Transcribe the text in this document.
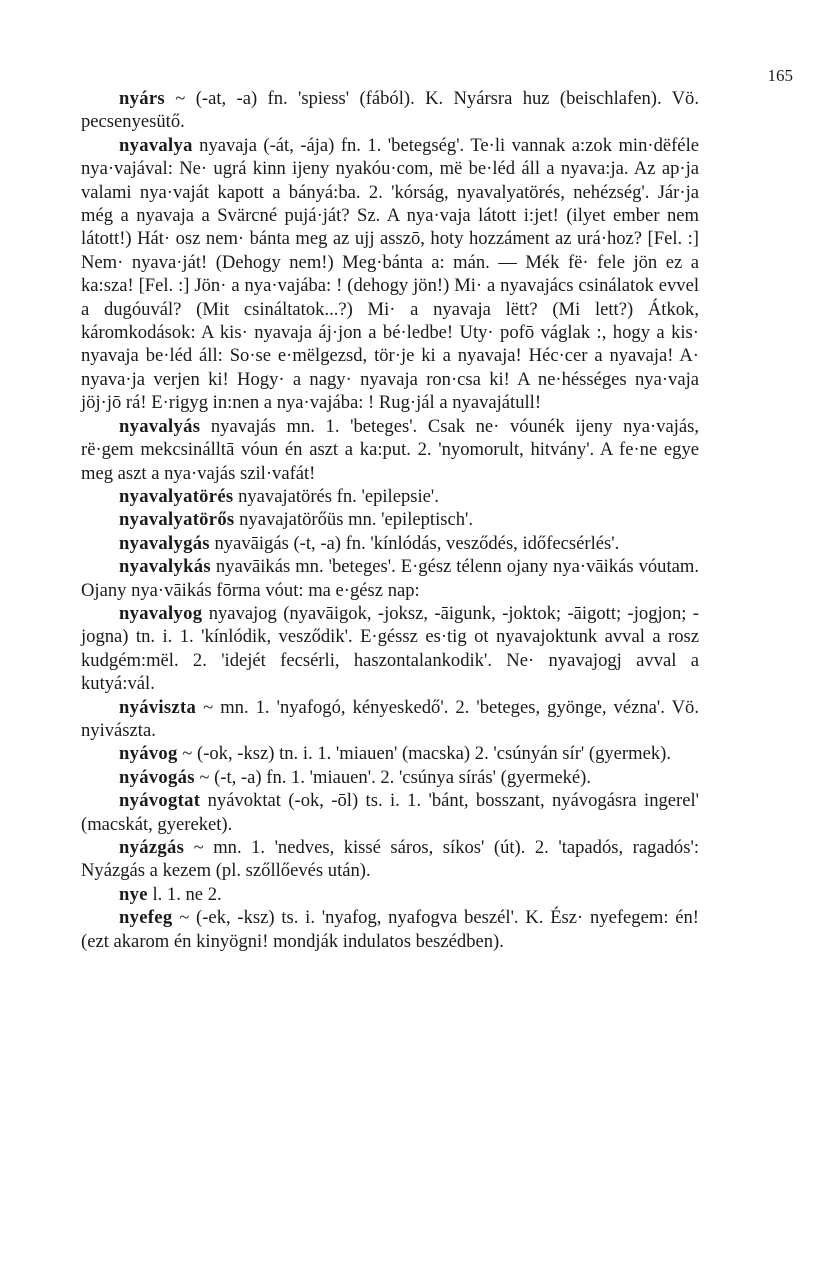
165

nyárs ~ (-at, -a) fn. 'spiess' (fából). K. Nyársra huz (beischlafen). Vö. pecsenyesütő.

nyavalya nyavaja (-át, -ája) fn. 1. 'betegség'. Te·li vannak a:zok min·dëféle nya·vajával: Ne· ugrá kinn ijeny nyakóu·com, më be·léd áll a nyava:ja. Az ap·ja valami nya·vaját kapott a bányá:ba. 2. 'kórság, nyavalyatörés, nehézség'. Jár·ja még a nyavaja a Svärcné pujá·ját? Sz. A nya·vaja látott i:jet! (ilyet ember nem látott!) Hát· osz nem· bánta meg az ujj asszō, hoty hozzáment az urá·hoz? [Fel. :] Nem· nyava·ját! (Dehogy nem!) Meg·bánta a: mán. — Mék fë· fele jön ez a ka:sza! [Fel. :] Jön· a nya·vajába: ! (dehogy jön!) Mi· a nyavajács csinálatok evvel a dugóuvál? (Mit csináltatok...?) Mi· a nyavaja lëtt? (Mi lett?) Átkok, káromkodások: A kis· nyavaja áj·jon a bé·ledbe! Uty· pofō váglak :, hogy a kis· nyavaja be·léd áll: So·se e·mëlgezsd, tör·je ki a nyavaja! Héc·cer a nyavaja! A· nyava·ja verjen ki! Hogy· a nagy· nyavaja ron·csa ki! A ne·hésséges nya·vaja jöj·jō rá! E·rigyg in:nen a nya·vajába: ! Rug·jál a nyavajátull!

nyavalyás nyavajás mn. 1. 'beteges'. Csak ne· vóunék ijeny nya·vajás, rë·gem mekcsinálltā vóun én aszt a ka:put. 2. 'nyomorult, hitvány'. A fe·ne egye meg aszt a nya·vajás szil·vafát!

nyavalyatörés nyavajatörés fn. 'epilepsie'.

nyavalyatörős nyavajatörőüs mn. 'epileptisch'.

nyavalygás nyavāigás (-t, -a) fn. 'kínlódás, vesződés, időfecsérlés'.

nyavalykás nyavāikás mn. 'beteges'. E·gész télenn ojany nya·vāikás vóutam. Ojany nya·vāikás fōrma vóut: ma e·gész nap:

nyavalyog nyavajog (nyavāigok, -joksz, -āigunk, -joktok; -āigott; -jogjon; -jogna) tn. i. 1. 'kínlódik, vesződik'. E·géssz es·tig ot nyavajoktunk avval a rosz kudgém:mël. 2. 'idejét fecsérli, haszontalankodik'. Ne· nyavajogj avval a kutyá:vál.

nyávisztа ~ mn. 1. 'nyafogó, kényeskedő'. 2. 'beteges, gyönge, vézna'. Vö. nyivászta.

nyávog ~ (-ok, -ksz) tn. i. 1. 'miauen' (macska) 2. 'csúnyán sír' (gyermek).

nyávogás ~ (-t, -a) fn. 1. 'miauen'. 2. 'csúnya sírás' (gyermeké).

nyávogtat nyávoktat (-ok, -ōl) ts. i. 1. 'bánt, bosszant, nyávogásra ingerel' (macskát, gyereket).

nyázgás ~ mn. 1. 'nedves, kissé sáros, síkos' (út). 2. 'tapadós, ragadós': Nyázgás a kezem (pl. szőllőevés után).

nye l. 1. ne 2.

nyefeg ~ (-ek, -ksz) ts. i. 'nyafog, nyafogva beszél'. K. Ész· nyefegem: én! (ezt akarom én kinyögni! mondják indulatos beszédben).
